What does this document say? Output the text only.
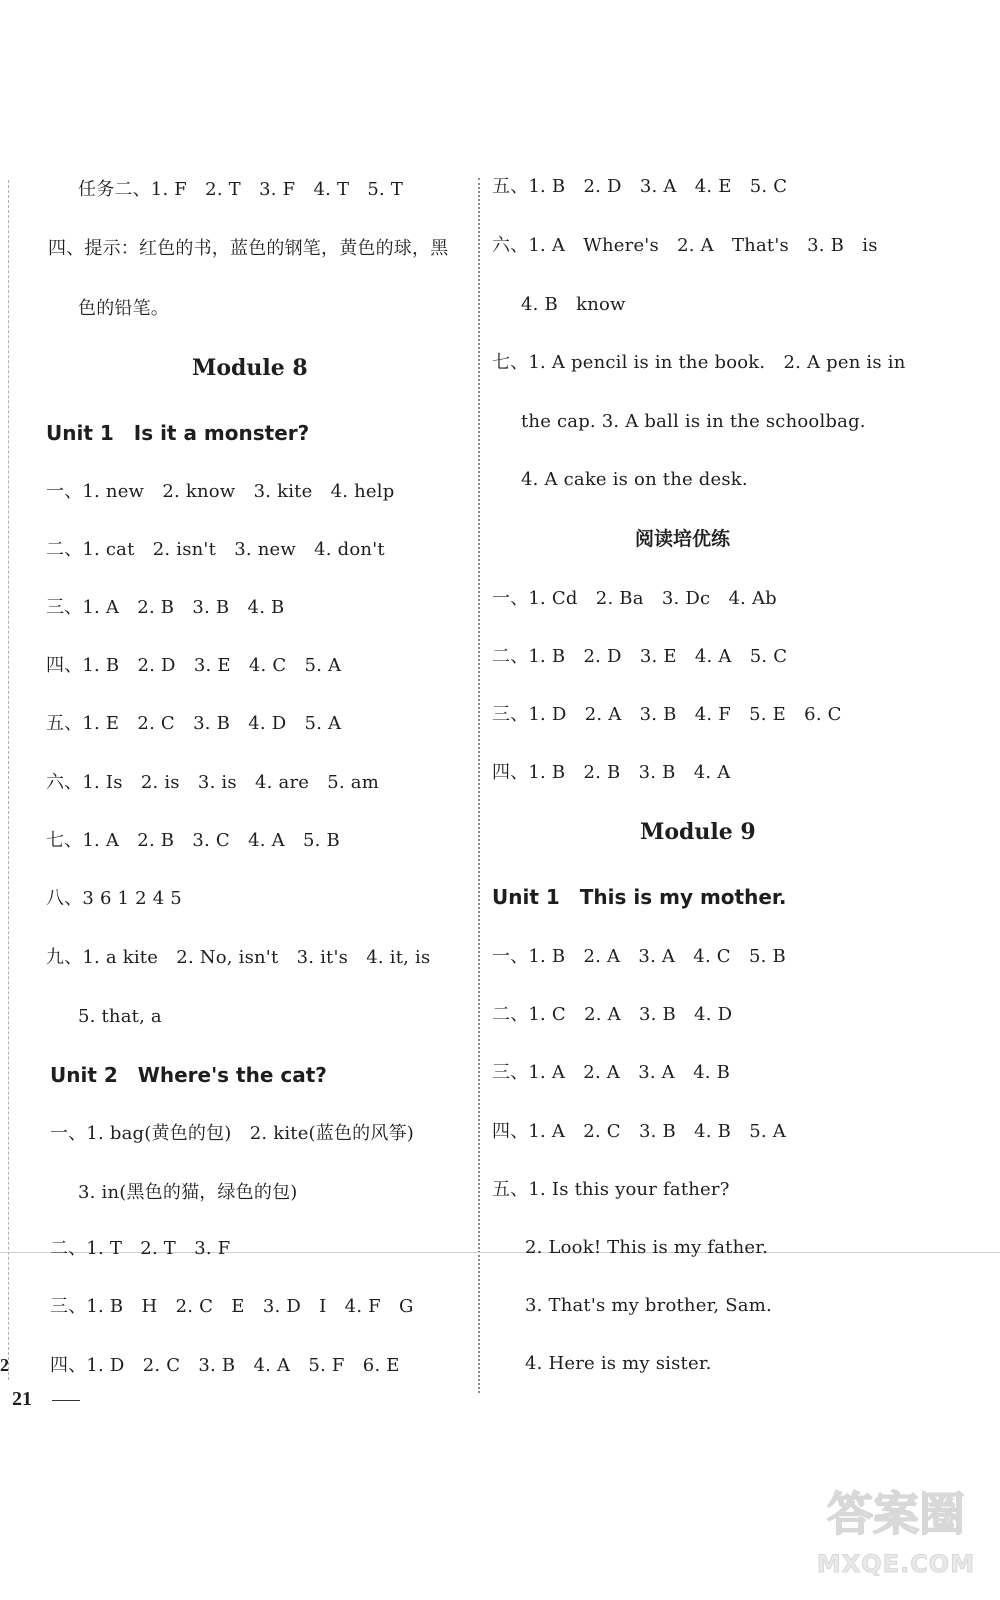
任务二、1. F　2. T　3. F　4. T　5. T
四、提示：红色的书，蓝色的钢笔，黄色的球，黑
色的铅笔。
Module 8
Unit 1　Is it a monster?
一、1. new　2. know　3. kite　4. help
二、1. cat　2. isn't　3. new　4. don't
三、1. A　2. B　3. B　4. B
四、1. B　2. D　3. E　4. C　5. A
五、1. E　2. C　3. B　4. D　5. A
六、1. Is　2. is　3. is　4. are　5. am
七、1. A　2. B　3. C　4. A　5. B
八、3 6 1 2 4 5
九、1. a kite　2. No, isn't　3. it's　4. it, is
5. that, a
Unit 2　Where's the cat?
一、1. bag(黄色的包)　2. kite(蓝色的风筝)
3. in(黑色的猫，绿色的包)
二、1. T　2. T　3. F
三、1. B　H　2. C　E　3. D　I　4. F　G
四、1. D　2. C　3. B　4. A　5. F　6. E
五、1. B　2. D　3. A　4. E　5. C
六、1. A　Where's　2. A　That's　3. B　is
4. B　know
七、1. A pencil is in the book.　2. A pen is in
the cap. 3. A ball is in the schoolbag.
4. A cake is on the desk.
阅读培优练
一、1. Cd　2. Ba　3. Dc　4. Ab
二、1. B　2. D　3. E　4. A　5. C
三、1. D　2. A　3. B　4. F　5. E　6. C
四、1. B　2. B　3. B　4. A
Module 9
Unit 1　This is my mother.
一、1. B　2. A　3. A　4. C　5. B
二、1. C　2. A　3. B　4. D
三、1. A　2. A　3. A　4. B
四、1. A　2. C　3. B　4. B　5. A
五、1. Is this your father?
2. Look! This is my father.
3. That's my brother, Sam.
4. Here is my sister.
2
21
答案圈
MXQE.COM
